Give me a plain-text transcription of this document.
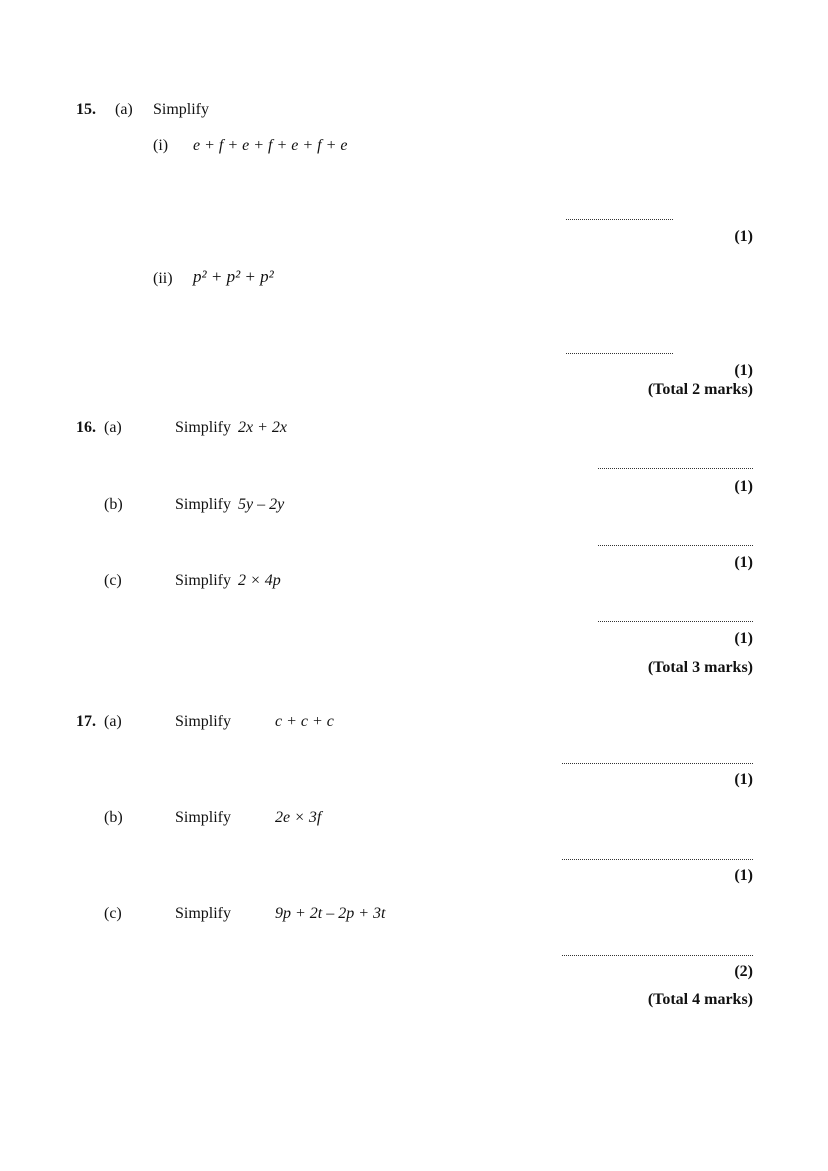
15. (a) Simplify
(i) e + f + e + f + e + f + e
(1)
(ii) p² + p² + p²
(1)
(Total 2 marks)
16. (a)	Simplify 2x + 2x
(1)
(b)	Simplify 5y – 2y
(1)
(c)	Simplify 2 × 4p
(1)
(Total 3 marks)
17. (a)	Simplify	c + c + c
(1)
(b)	Simplify	2e × 3f
(1)
(c)	Simplify	9p + 2t – 2p + 3t
(2)
(Total 4 marks)
